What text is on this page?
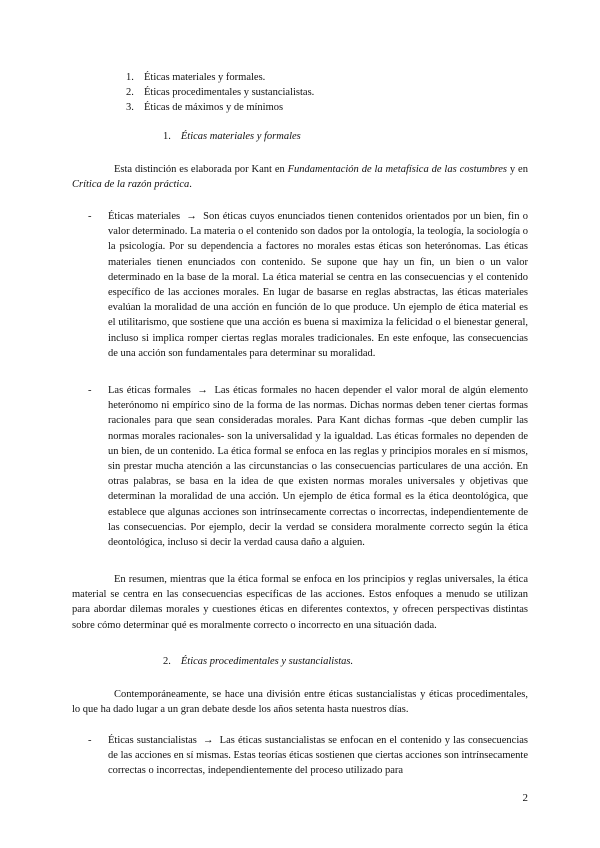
1. Éticas materiales y formales.
2. Éticas procedimentales y sustancialistas.
3. Éticas de máximos y de mínimos
1. Éticas materiales y formales
Esta distinción es elaborada por Kant en Fundamentación de la metafísica de las costumbres y en Crítica de la razón práctica.
-	Éticas materiales → Son éticas cuyos enunciados tienen contenidos orientados por un bien, fin o valor determinado. La materia o el contenido son dados por la ontología, la teología, la sociología o la psicología. Por su dependencia a factores no morales estas éticas son heterónomas. Las éticas materiales tienen enunciados con contenido. Se supone que hay un fin, un bien o un valor determinado en la base de la moral. La ética material se centra en las consecuencias y el contenido específico de las acciones morales. En lugar de basarse en reglas abstractas, las éticas materiales evalúan la moralidad de una acción en función de lo que produce. Un ejemplo de ética material es el utilitarismo, que sostiene que una acción es buena si maximiza la felicidad o el bienestar general, incluso si implica romper ciertas reglas morales tradicionales. En este enfoque, las consecuencias de una acción son fundamentales para determinar su moralidad.
-	Las éticas formales → Las éticas formales no hacen depender el valor moral de algún elemento heterónomo ni empírico sino de la forma de las normas. Dichas normas deben tener ciertas formas racionales para que sean consideradas morales. Para Kant dichas formas -que deben cumplir las normas morales racionales- son la universalidad y la igualdad. Las éticas formales no dependen de un bien, de un contenido. La ética formal se enfoca en las reglas y principios morales en sí mismos, sin prestar mucha atención a las circunstancias o las consecuencias particulares de una acción. En otras palabras, se basa en la idea de que existen normas morales universales y objetivas que determinan la moralidad de una acción. Un ejemplo de ética formal es la ética deontológica, que establece que algunas acciones son intrínsecamente correctas o incorrectas, independientemente de las consecuencias. Por ejemplo, decir la verdad se considera moralmente correcto según la ética deontológica, incluso si decir la verdad causa daño a alguien.
En resumen, mientras que la ética formal se enfoca en los principios y reglas universales, la ética material se centra en las consecuencias específicas de las acciones. Estos enfoques a menudo se utilizan para abordar dilemas morales y cuestiones éticas en diferentes contextos, y ofrecen perspectivas distintas sobre cómo determinar qué es moralmente correcto o incorrecto en una situación dada.
2. Éticas procedimentales y sustancialistas.
Contemporáneamente, se hace una división entre éticas sustancialistas y éticas procedimentales, lo que ha dado lugar a un gran debate desde los años setenta hasta nuestros días.
-	Éticas sustancialistas → Las éticas sustancialistas se enfocan en el contenido y las consecuencias de las acciones en sí mismas. Estas teorías éticas sostienen que ciertas acciones son intrínsecamente correctas o incorrectas, independientemente del proceso utilizado para
2
